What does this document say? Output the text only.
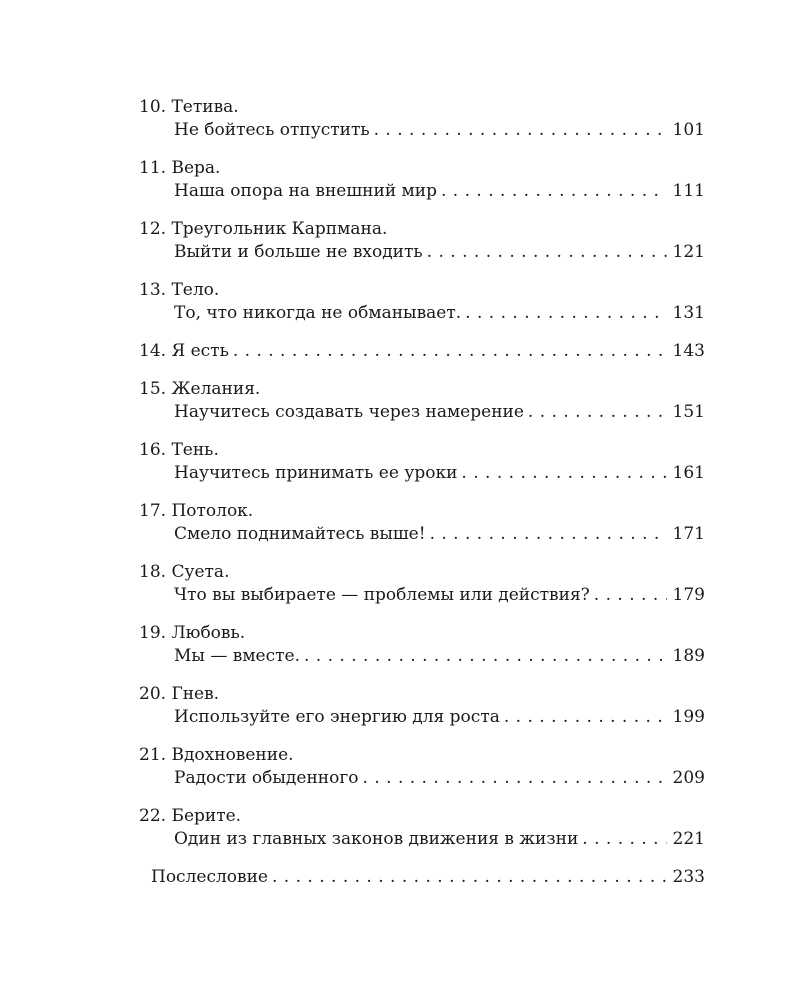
10. Тетива.
Не бойтесь отпустить . . .	101
11. Вера.
Наша опора на внешний мир . . .	111
12. Треугольник Карпмана.
Выйти и больше не входить . . .	121
13. Тело.
То, что никогда не обманывает. . . .	131
14. Я есть . . .	143
15. Желания.
Научитесь создавать через намерение . . .	151
16. Тень.
Научитесь принимать ее уроки . . .	161
17. Потолок.
Смело поднимайтесь выше! . . .	171
18. Суета.
Что вы выбираете — проблемы или действия? . . .	179
19. Любовь.
Мы — вместе. . . .	189
20. Гнев.
Используйте его энергию для роста . . .	199
21. Вдохновение.
Радости обыденного . . .	209
22. Берите.
Один из главных законов движения в жизни . . .	221
Послесловие . . .	233
